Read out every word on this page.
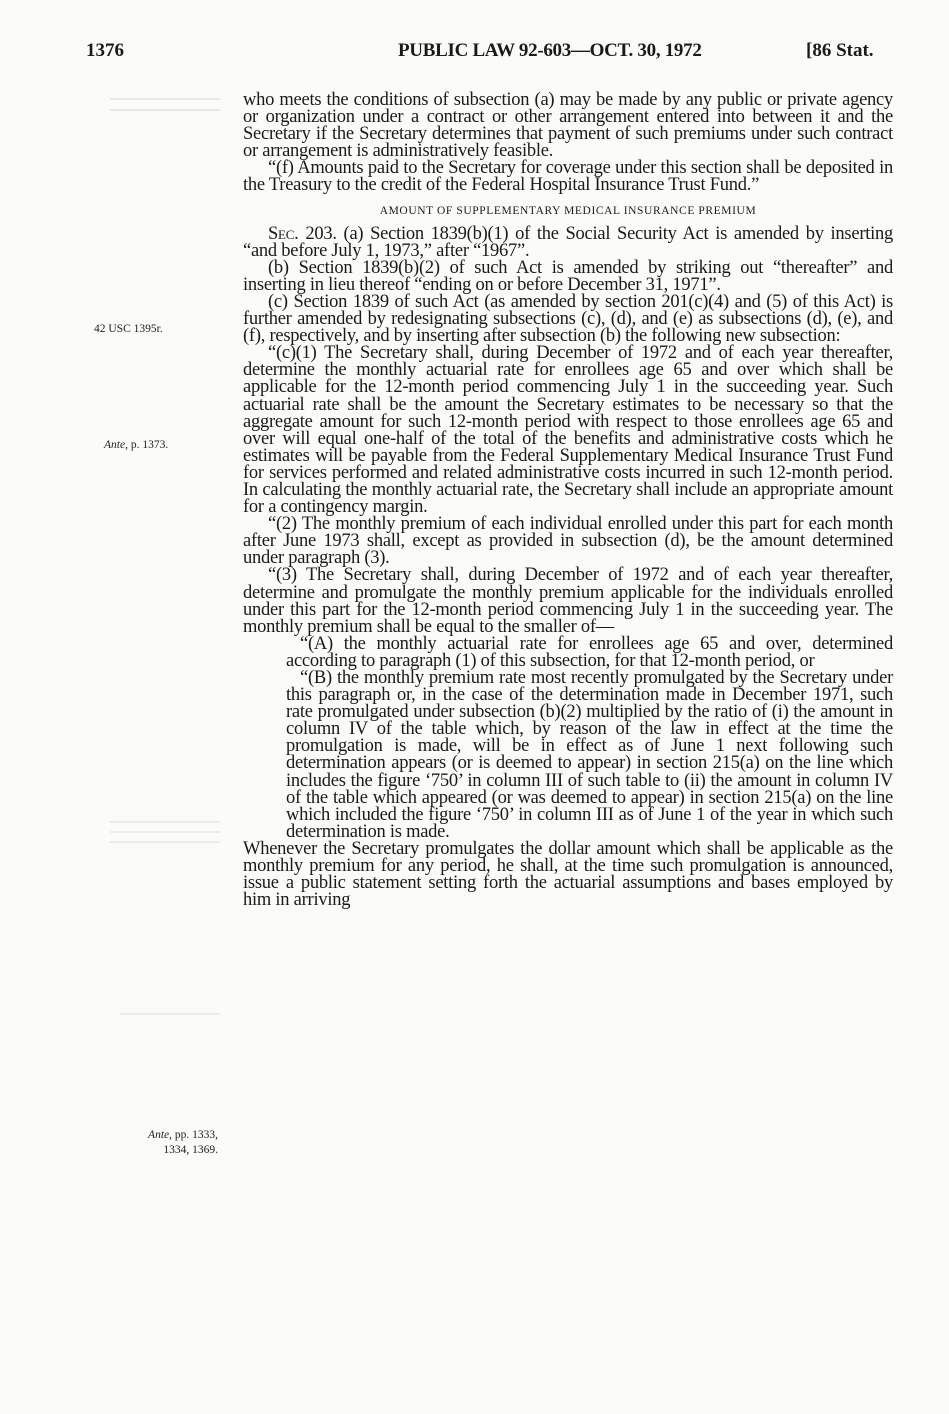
1376	PUBLIC LAW 92-603—OCT. 30, 1972	[86 Stat.
42 USC 1395r.
Ante, p. 1373.
Ante, pp. 1333,
1334, 1369.

who meets the conditions of subsection (a) may be made by any public or private agency or organization under a contract or other arrangement entered into between it and the Secretary if the Secretary determines that payment of such premiums under such contract or arrangement is administratively feasible.

“(f) Amounts paid to the Secretary for coverage under this section shall be deposited in the Treasury to the credit of the Federal Hospital Insurance Trust Fund.”

AMOUNT OF SUPPLEMENTARY MEDICAL INSURANCE PREMIUM

Sec. 203. (a) Section 1839(b)(1) of the Social Security Act is amended by inserting “and before July 1, 1973,” after “1967”.

(b) Section 1839(b)(2) of such Act is amended by striking out “thereafter” and inserting in lieu thereof “ending on or before December 31, 1971”.

(c) Section 1839 of such Act (as amended by section 201(c)(4) and (5) of this Act) is further amended by redesignating subsections (c), (d), and (e) as subsections (d), (e), and (f), respectively, and by inserting after subsection (b) the following new subsection:

“(c)(1) The Secretary shall, during December of 1972 and of each year thereafter, determine the monthly actuarial rate for enrollees age 65 and over which shall be applicable for the 12-month period commencing July 1 in the succeeding year. Such actuarial rate shall be the amount the Secretary estimates to be necessary so that the aggregate amount for such 12-month period with respect to those enrollees age 65 and over will equal one-half of the total of the benefits and administrative costs which he estimates will be payable from the Federal Supplementary Medical Insurance Trust Fund for services performed and related administrative costs incurred in such 12-month period. In calculating the monthly actuarial rate, the Secretary shall include an appropriate amount for a contingency margin.

“(2) The monthly premium of each individual enrolled under this part for each month after June 1973 shall, except as provided in subsection (d), be the amount determined under paragraph (3).

“(3) The Secretary shall, during December of 1972 and of each year thereafter, determine and promulgate the monthly premium applicable for the individuals enrolled under this part for the 12-month period commencing July 1 in the succeeding year. The monthly premium shall be equal to the smaller of—

“(A) the monthly actuarial rate for enrollees age 65 and over, determined according to paragraph (1) of this subsection, for that 12-month period, or

“(B) the monthly premium rate most recently promulgated by the Secretary under this paragraph or, in the case of the determination made in December 1971, such rate promulgated under subsection (b)(2) multiplied by the ratio of (i) the amount in column IV of the table which, by reason of the law in effect at the time the promulgation is made, will be in effect as of June 1 next following such determination appears (or is deemed to appear) in section 215(a) on the line which includes the figure ‘750’ in column III of such table to (ii) the amount in column IV of the table which appeared (or was deemed to appear) in section 215(a) on the line which included the figure ‘750’ in column III as of June 1 of the year in which such determination is made.

Whenever the Secretary promulgates the dollar amount which shall be applicable as the monthly premium for any period, he shall, at the time such promulgation is announced, issue a public statement setting forth the actuarial assumptions and bases employed by him in arriving
